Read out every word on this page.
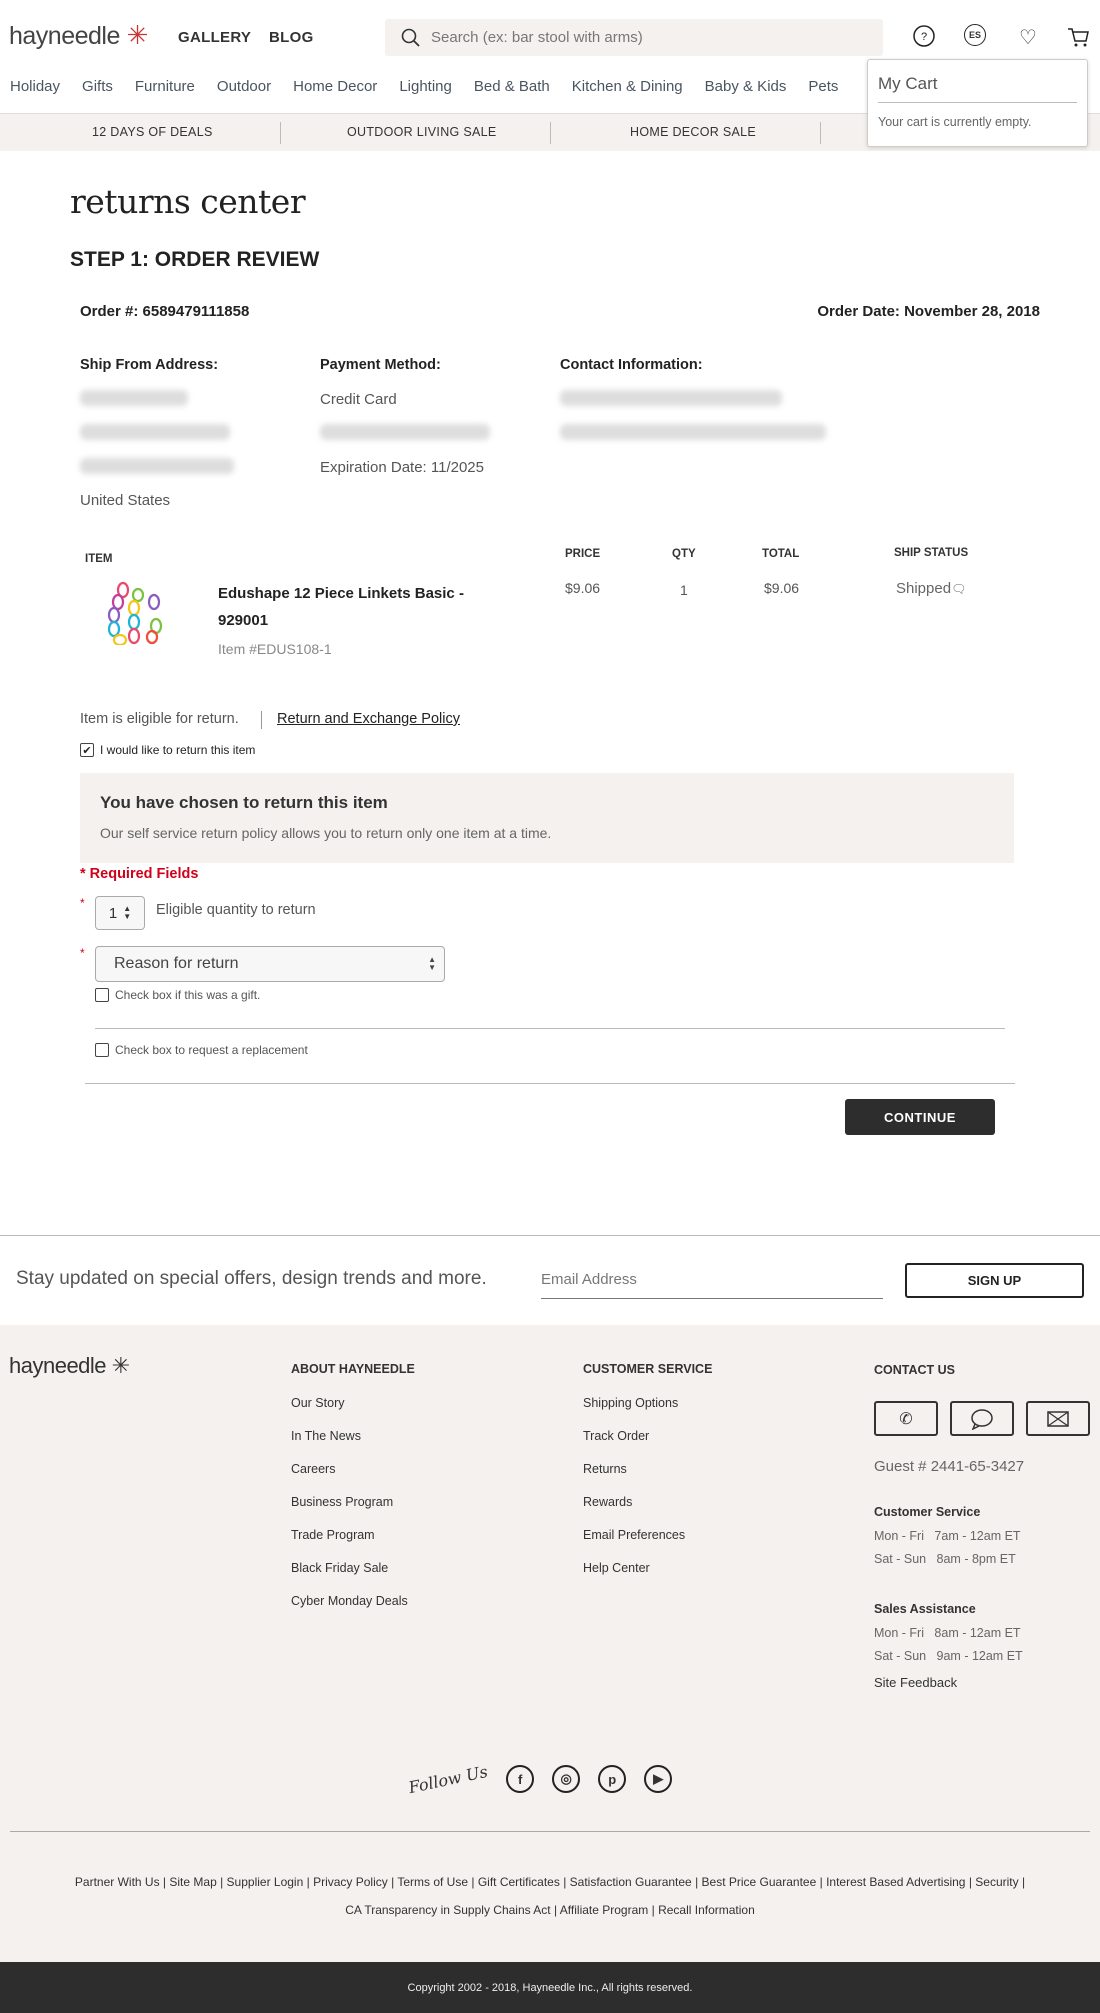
hayneedle ✳ GALLERY BLOG	Search (ex: bar stool with arms)	?	ES ♡
Holiday Gifts Furniture Outdoor Home Decor Lighting Bed & Bath Kitchen & Dining Baby & Kids Pets
12 DAYS OF DEALS	OUTDOOR LIVING SALE	HOME DECOR SALE
My Cart

Your cart is currently empty.

returns center
STEP 1: ORDER REVIEW
Order #: 6589479111858	Order Date: November 28, 2018
Ship From Address:
United States
Payment Method:
Credit Card
Expiration Date: 11/2025
Contact Information:
ITEM	PRICE	QTY	TOTAL	SHIP STATUS
Edushape 12 Piece Linkets Basic - 929001
Item #EDUS108-1
$9.06	1	$9.06	Shipped🗨
Item is eligible for return.	Return and Exchange Policy
✔ I would like to return this item
You have chosen to return this item
Our self service return policy allows you to return only one item at a time.
* Required Fields
*
1 ▲
▼ Eligible quantity to return
*
Reason for return	▲
▼
Check box if this was a gift.
Check box to request a replacement
CONTINUE
Stay updated on special offers, design trends and more.	Email Address	SIGN UP
hayneedle ✳	ABOUT HAYNEEDLE
Our Story
In The News
Careers
Business Program
Trade Program
Black Friday Sale
Cyber Monday Deals
CUSTOMER SERVICE
Shipping Options
Track Order
Returns
Rewards
Email Preferences
Help Center
CONTACT US
✆
Guest # 2441-65-3427
Customer Service
Mon - Fri   7am - 12am ET
Sat - Sun   8am - 8pm ET
Sales Assistance
Mon - Fri   8am - 12am ET
Sat - Sun   9am - 12am ET
Site Feedback
Follow Us	f	◎	p	▶
Partner With Us | Site Map | Supplier Login | Privacy Policy | Terms of Use | Gift Certificates | Satisfaction Guarantee | Best Price Guarantee | Interest Based Advertising | Security |
CA Transparency in Supply Chains Act | Affiliate Program | Recall Information
Copyright 2002 - 2018, Hayneedle Inc., All rights reserved.
